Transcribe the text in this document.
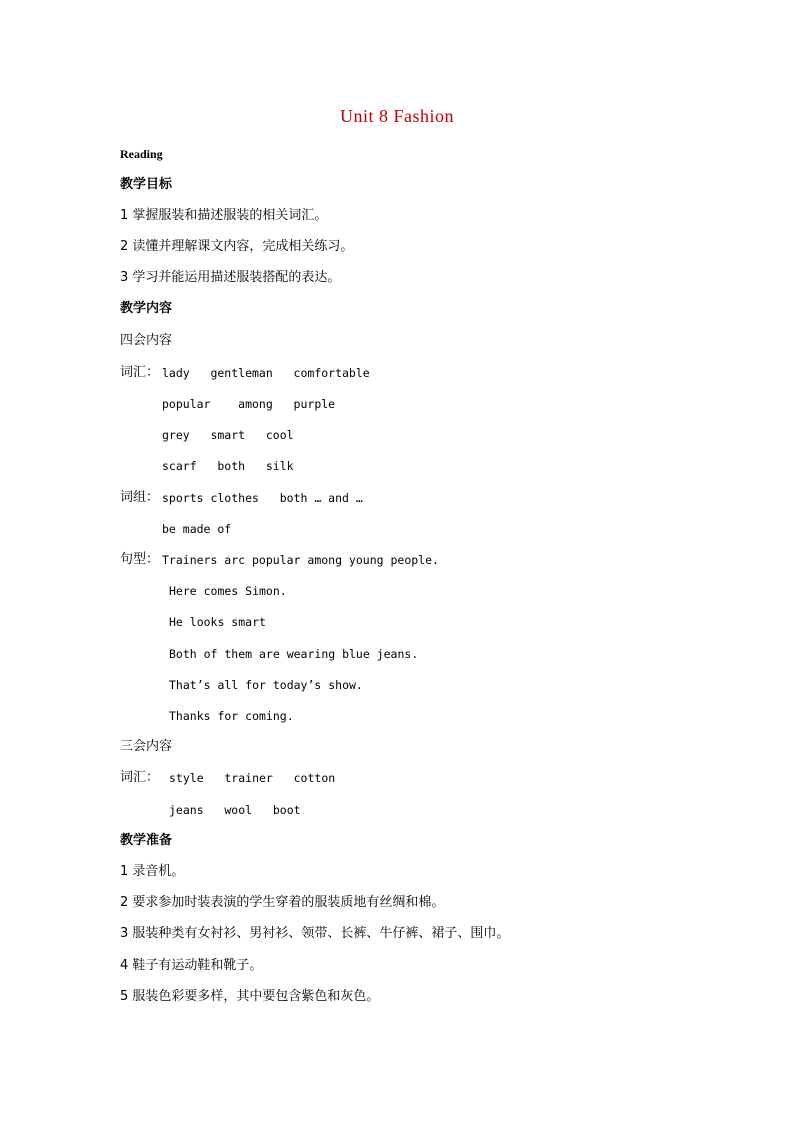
Unit 8 Fashion
Reading
教学目标
1 掌握服装和描述服装的相关词汇。
2 读懂并理解课文内容，完成相关练习。
3 学习并能运用描述服装搭配的表达。
教学内容
四会内容
词汇： lady   gentleman   comfortable
popular    among   purple
grey   smart   cool
scarf   both   silk
词组： sports clothes   both … and …
be made of
句型： Trainers arc popular among young people.
Here comes Simon.
He looks smart
Both of them are wearing blue jeans.
That’s all for today’s show.
Thanks for coming.
三会内容
词汇： style   trainer   cotton
jeans   wool   boot
教学准备
1 录音机。
2 要求参加时装表演的学生穿着的服装质地有丝绸和棉。
3 服装种类有女衬衫、男衬衫、领带、长裤、牛仔裤、裙子、围巾。
4 鞋子有运动鞋和靴子。
5 服装色彩要多样，其中要包含紫色和灰色。
